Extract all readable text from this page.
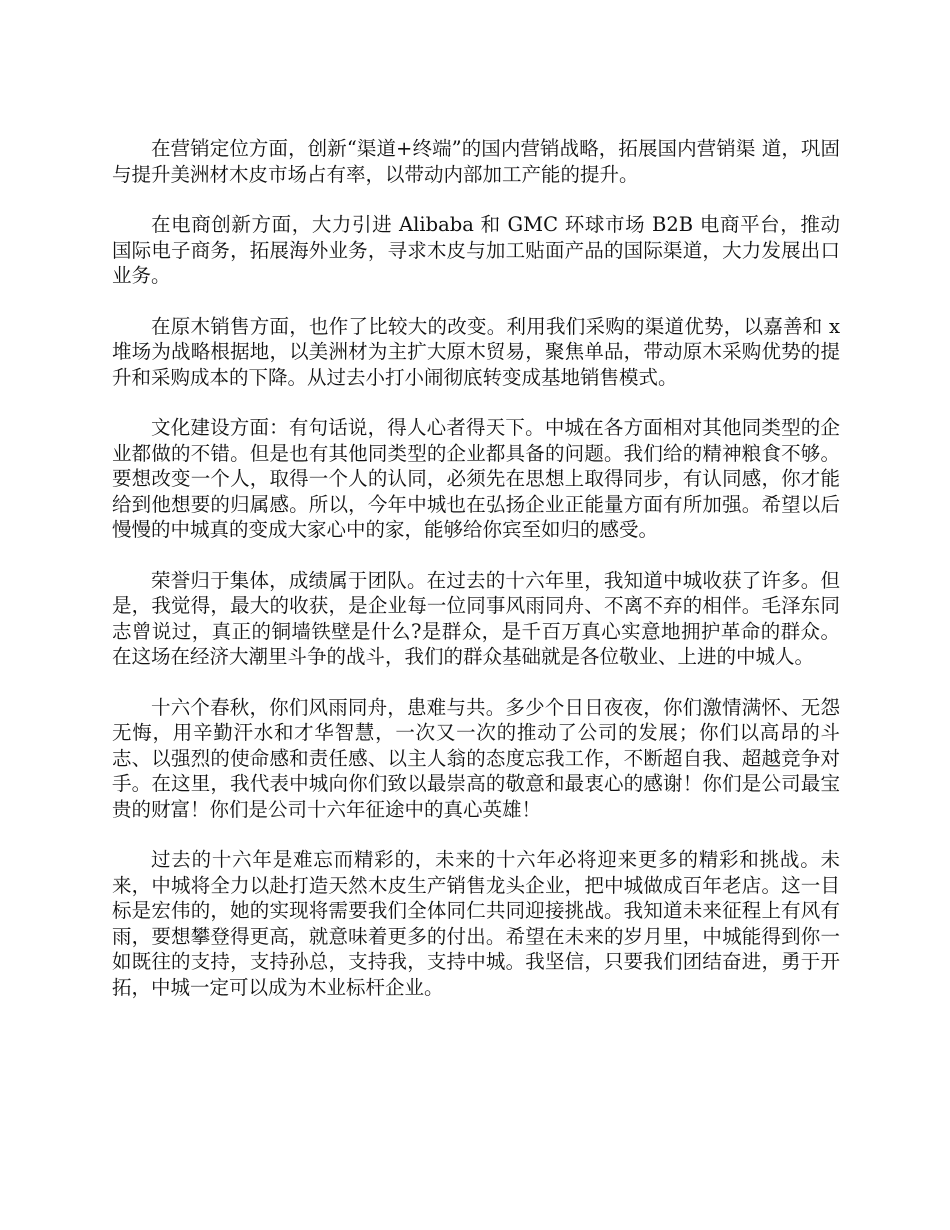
在营销定位方面，创新“渠道+终端”的国内营销战略，拓展国内营销渠 道，巩固与提升美洲材木皮市场占有率，以带动内部加工产能的提升。

在电商创新方面，大力引进 Alibaba 和 GMC 环球市场 B2B 电商平台，推动国际电子商务，拓展海外业务，寻求木皮与加工贴面产品的国际渠道，大力发展出口业务。

在原木销售方面，也作了比较大的改变。利用我们采购的渠道优势，以嘉善和 x 堆场为战略根据地，以美洲材为主扩大原木贸易，聚焦单品，带动原木采购优势的提升和采购成本的下降。从过去小打小闹彻底转变成基地销售模式。

文化建设方面：有句话说，得人心者得天下。中城在各方面相对其他同类型的企业都做的不错。但是也有其他同类型的企业都具备的问题。我们给的精神粮食不够。要想改变一个人，取得一个人的认同，必须先在思想上取得同步，有认同感，你才能给到他想要的归属感。所以，今年中城也在弘扬企业正能量方面有所加强。希望以后慢慢的中城真的变成大家心中的家，能够给你宾至如归的感受。

荣誉归于集体，成绩属于团队。在过去的十六年里，我知道中城收获了许多。但是，我觉得，最大的收获，是企业每一位同事风雨同舟、不离不弃的相伴。毛泽东同志曾说过，真正的铜墙铁壁是什么?是群众，是千百万真心实意地拥护革命的群众。在这场在经济大潮里斗争的战斗，我们的群众基础就是各位敬业、上进的中城人。

十六个春秋，你们风雨同舟，患难与共。多少个日日夜夜，你们激情满怀、无怨无悔，用辛勤汗水和才华智慧，一次又一次的推动了公司的发展；你们以高昂的斗志、以强烈的使命感和责任感、以主人翁的态度忘我工作，不断超自我、超越竞争对手。在这里，我代表中城向你们致以最崇高的敬意和最衷心的感谢！你们是公司最宝贵的财富！你们是公司十六年征途中的真心英雄！

过去的十六年是难忘而精彩的，未来的十六年必将迎来更多的精彩和挑战。未来，中城将全力以赴打造天然木皮生产销售龙头企业，把中城做成百年老店。这一目标是宏伟的，她的实现将需要我们全体同仁共同迎接挑战。我知道未来征程上有风有雨，要想攀登得更高，就意味着更多的付出。希望在未来的岁月里，中城能得到你一如既往的支持，支持孙总，支持我，支持中城。我坚信，只要我们团结奋进，勇于开拓，中城一定可以成为木业标杆企业。
